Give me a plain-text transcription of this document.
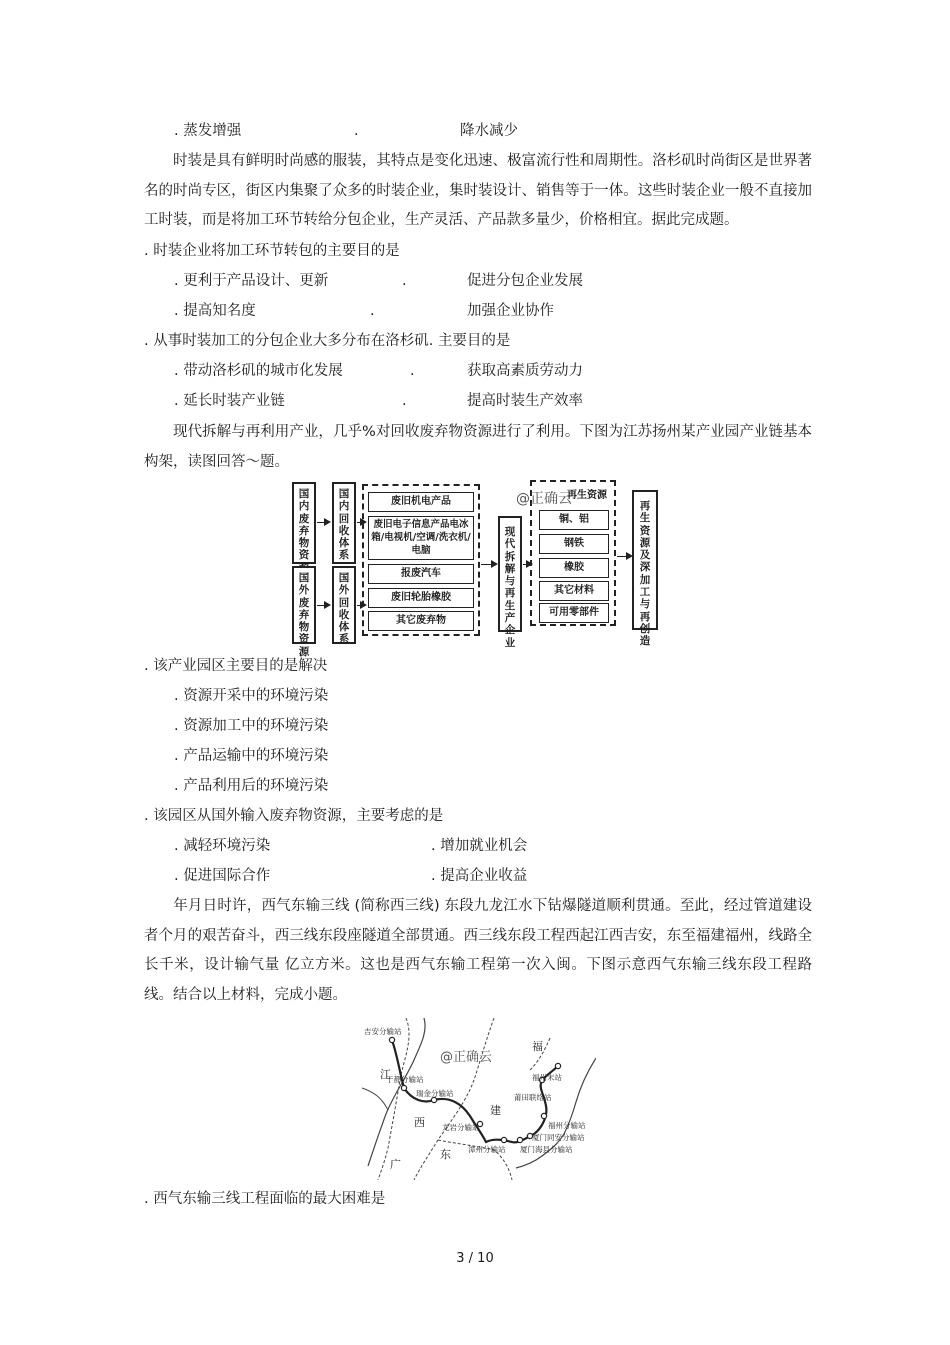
. 蒸发增强	.	降水减少
时装是具有鲜明时尚感的服装，其特点是变化迅速、极富流行性和周期性。洛杉矶时尚街区是世界著名的时尚专区，街区内集聚了众多的时装企业，集时装设计、销售等于一体。这些时装企业一般不直接加工时装，而是将加工环节转给分包企业，生产灵活、产品款多量少，价格相宜。据此完成题。
. 时装企业将加工环节转包的主要目的是
. 更利于产品设计、更新	.	促进分包企业发展
. 提高知名度	.	加强企业协作
. 从事时装加工的分包企业大多分布在洛杉矶. 主要目的是
. 带动洛杉矶的城市化发展	.	获取高素质劳动力
. 延长时装产业链	.	提高时装生产效率
现代拆解与再利用产业，几乎%对回收废弃物资源进行了利用。下图为江苏扬州某产业园产业链基本构架，读图回答～题。
国内废弃物资
国外废弃物资源
国内回收体系
国外回收体系
废旧机电产品
废旧电子信息产品电冰箱/电视机/空调/洗衣机/电脑
报废汽车
废旧轮胎橡胶
其它废弃物
现代拆解与再生产企业
@正确云
再生资源
铜、铝
钢铁
橡胶
其它材料
可用零部件
再生资源及深加工与再创造
. 该产业园区主要目的是解决
. 资源开采中的环境污染
. 资源加工中的环境污染
. 产品运输中的环境污染
. 产品利用后的环境污染
. 该园区从国外输入废弃物资源，主要考虑的是
. 减轻环境污染	. 增加就业机会
. 促进国际合作	. 提高企业收益
年月日时许，西气东输三线 (简称西三线) 东段九龙江水下钻爆隧道顺利贯通。至此，经过管道建设者个月的艰苦奋斗，西三线东段座隧道全部贯通。西三线东段工程西起江西吉安，东至福建福州，线路全长千米，设计输气量 亿立方米。这也是西气东输工程第一次入闽。下图示意西气东输三线东段工程路线。结合以上材料，完成小题。
江
西
福
建
广
东
@正确云
吉安分输站
于都分输站
瑞金分输站
龙岩分输站
漳州分输站 厦门海县分输站
厦门同安分输站
福州分输站
莆田联络站
福州末站
. 西气东输三线工程面临的最大困难是
3 / 10
